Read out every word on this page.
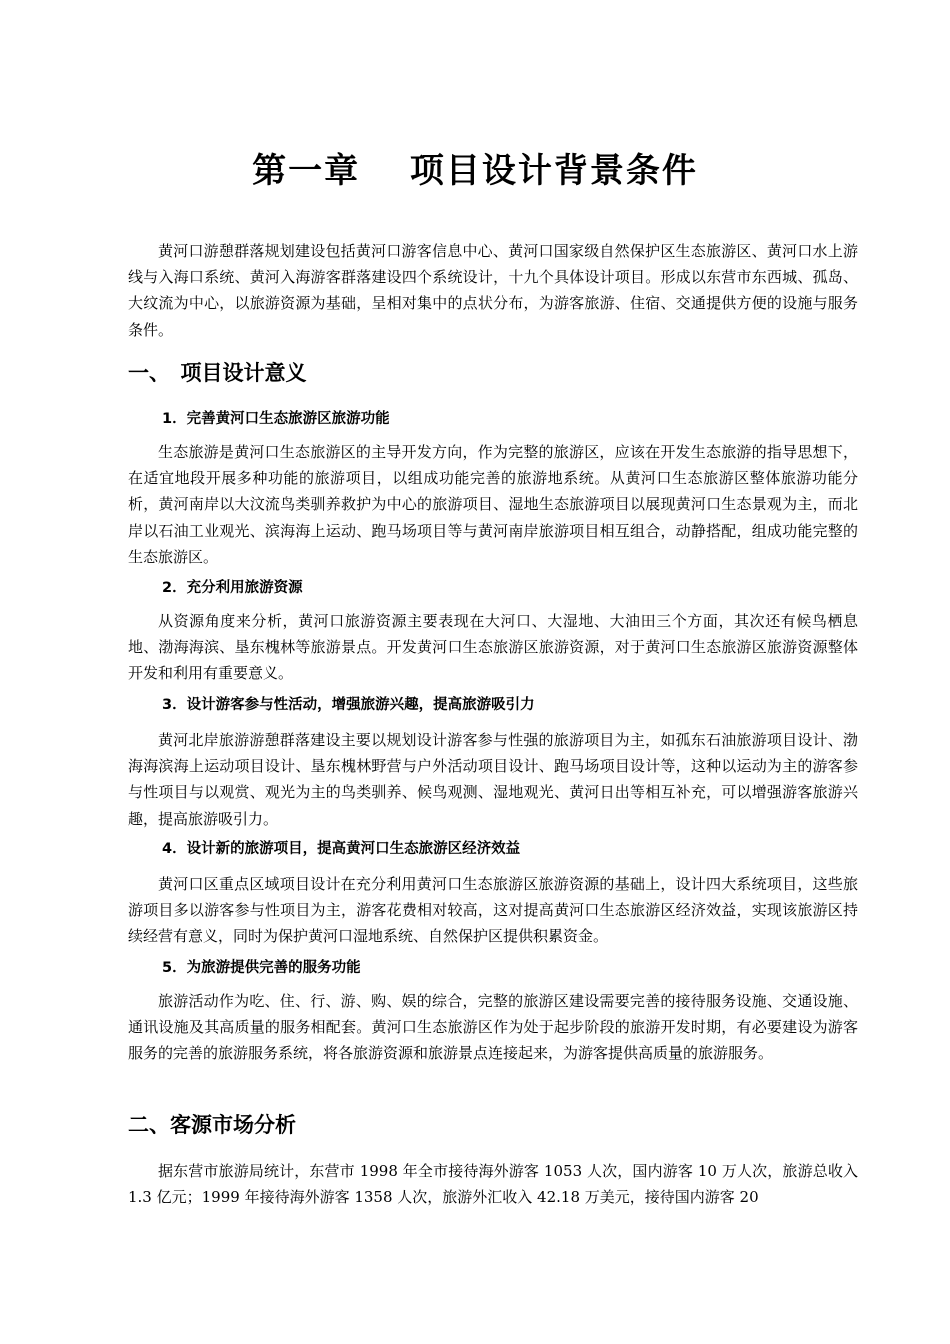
第一章　 项目设计背景条件

黄河口游憩群落规划建设包括黄河口游客信息中心、黄河口国家级自然保护区生态旅游区、黄河口水上游线与入海口系统、黄河入海游客群落建设四个系统设计，十九个具体设计项目。形成以东营市东西城、孤岛、大纹流为中心，以旅游资源为基础，呈相对集中的点状分布，为游客旅游、住宿、交通提供方便的设施与服务条件。

一、　项目设计意义
1．完善黄河口生态旅游区旅游功能

生态旅游是黄河口生态旅游区的主导开发方向，作为完整的旅游区，应该在开发生态旅游的指导思想下，在适宜地段开展多种功能的旅游项目，以组成功能完善的旅游地系统。从黄河口生态旅游区整体旅游功能分析，黄河南岸以大汶流鸟类驯养救护为中心的旅游项目、湿地生态旅游项目以展现黄河口生态景观为主，而北岸以石油工业观光、滨海海上运动、跑马场项目等与黄河南岸旅游项目相互组合，动静搭配，组成功能完整的生态旅游区。

2．充分利用旅游资源

从资源角度来分析，黄河口旅游资源主要表现在大河口、大湿地、大油田三个方面，其次还有候鸟栖息地、渤海海滨、垦东槐林等旅游景点。开发黄河口生态旅游区旅游资源，对于黄河口生态旅游区旅游资源整体开发和利用有重要意义。

3．设计游客参与性活动，增强旅游兴趣，提高旅游吸引力

黄河北岸旅游游憩群落建设主要以规划设计游客参与性强的旅游项目为主，如孤东石油旅游项目设计、渤海海滨海上运动项目设计、垦东槐林野营与户外活动项目设计、跑马场项目设计等，这种以运动为主的游客参与性项目与以观赏、观光为主的鸟类驯养、候鸟观测、湿地观光、黄河日出等相互补充，可以增强游客旅游兴趣，提高旅游吸引力。

4．设计新的旅游项目，提高黄河口生态旅游区经济效益

黄河口区重点区域项目设计在充分利用黄河口生态旅游区旅游资源的基础上，设计四大系统项目，这些旅游项目多以游客参与性项目为主，游客花费相对较高，这对提高黄河口生态旅游区经济效益，实现该旅游区持续经营有意义，同时为保护黄河口湿地系统、自然保护区提供积累资金。

5．为旅游提供完善的服务功能

旅游活动作为吃、住、行、游、购、娱的综合，完整的旅游区建设需要完善的接待服务设施、交通设施、通讯设施及其高质量的服务相配套。黄河口生态旅游区作为处于起步阶段的旅游开发时期，有必要建设为游客服务的完善的旅游服务系统，将各旅游资源和旅游景点连接起来，为游客提供高质量的旅游服务。

二、客源市场分析

据东营市旅游局统计，东营市 1998 年全市接待海外游客 1053 人次，国内游客 10 万人次，旅游总收入 1.3 亿元；1999 年接待海外游客 1358 人次，旅游外汇收入 42.18 万美元，接待国内游客 20
